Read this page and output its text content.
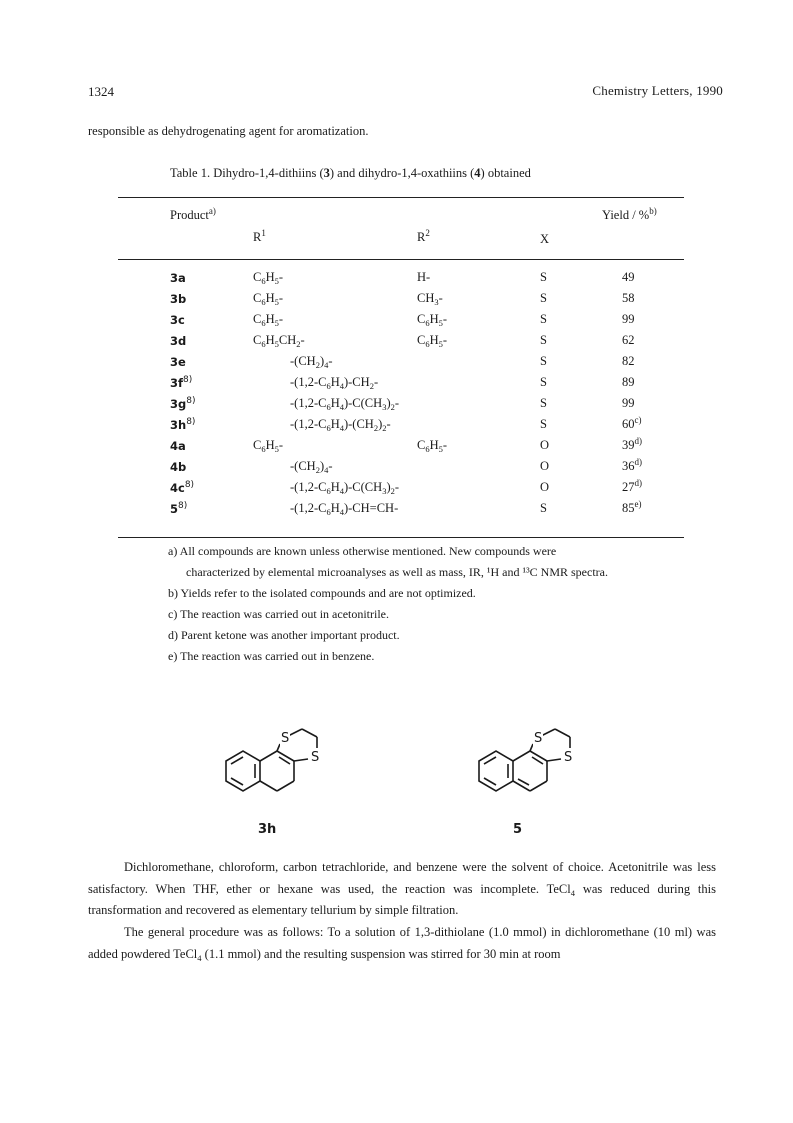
1324	Chemistry Letters, 1990
responsible as dehydrogenating agent for aromatization.
Table 1. Dihydro-1,4-dithiins (3) and dihydro-1,4-oxathiins (4) obtained
Product$^{a)}$	Yield / %$^{b)}$
$R^1$	$R^2$	X
3a	$C_6H_5-$	H-	S	49
3b	$C_6H_5-$	$CH_3-$	S	58
3c	$C_6H_5-$	$C_6H_5-$	S	99
3d	$C_6H_5CH_2-$	$C_6H_5-$	S	62
3e	$-(CH_2)_4-$	S	82
$3f^{8)}$	$-(1,2-C_6H_4)-CH_2-$	S	89
$3g^{8)}$	$-(1,2-C_6H_4)-C(CH_3)_2-$	S	99
$3h^{8)}$	$-(1,2-C_6H_4)-(CH_2)_2-$	S	60$^{c)}$
4a	$C_6H_5-$	$C_6H_5-$	O	39$^{d)}$
4b	$-(CH_2)_4-$	O	36$^{d)}$
$4c^{8)}$	$-(1,2-C_6H_4)-C(CH_3)_2-$	O	27$^{d)}$
5$^{8)}$	$-(1,2-C_6H_4)-CH=CH-$	S	85$^{e)}$
a) All compounds are known unless otherwise mentioned. New compounds were
characterized by elemental microanalyses as well as mass, IR, ¹H and ¹³C NMR spectra.
b) Yields refer to the isolated compounds and are not optimized.
c) The reaction was carried out in acetonitrile.
d) Parent ketone was another important product.
e) The reaction was carried out in benzene.
S
S
3h
S
S
5
Dichloromethane, chloroform, carbon tetrachloride, and benzene were the solvent of choice. Acetonitrile was less satisfactory. When THF, ether or hexane was used, the reaction was incomplete. TeCl$_4$ was reduced during this transformation and recovered as elementary tellurium by simple filtration.
The general procedure was as follows: To a solution of 1,3-dithiolane (1.0 mmol) in dichloromethane (10 ml) was added powdered TeCl$_4$ (1.1 mmol) and the resulting suspension was stirred for 30 min at room
